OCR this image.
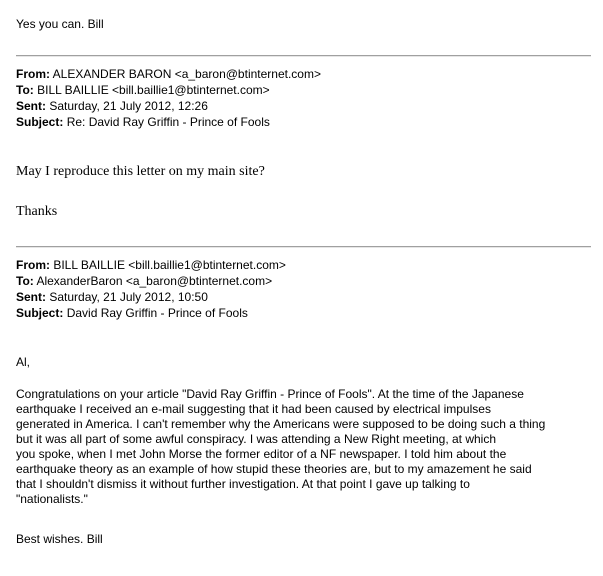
Yes you can. Bill
From: ALEXANDER BARON <a_baron@btinternet.com>
To: BILL BAILLIE <bill.baillie1@btinternet.com>
Sent: Saturday, 21 July 2012, 12:26
Subject: Re: David Ray Griffin - Prince of Fools
May I reproduce this letter on my main site?
Thanks
From: BILL BAILLIE <bill.baillie1@btinternet.com>
To: AlexanderBaron <a_baron@btinternet.com>
Sent: Saturday, 21 July 2012, 10:50
Subject: David Ray Griffin - Prince of Fools
Al,
Congratulations on your article "David Ray Griffin - Prince of Fools". At the time of the Japanese
earthquake I received an e-mail suggesting that it had been caused by electrical impulses
generated in America. I can't remember why the Americans were supposed to be doing such a thing
but it was all part of some awful conspiracy. I was attending a New Right meeting, at which
you spoke, when I met John Morse the former editor of a NF newspaper. I told him about the
earthquake theory as an example of how stupid these theories are, but to my amazement he said
that I shouldn't dismiss it without further investigation. At that point I gave up talking to
"nationalists."
Best wishes. Bill
